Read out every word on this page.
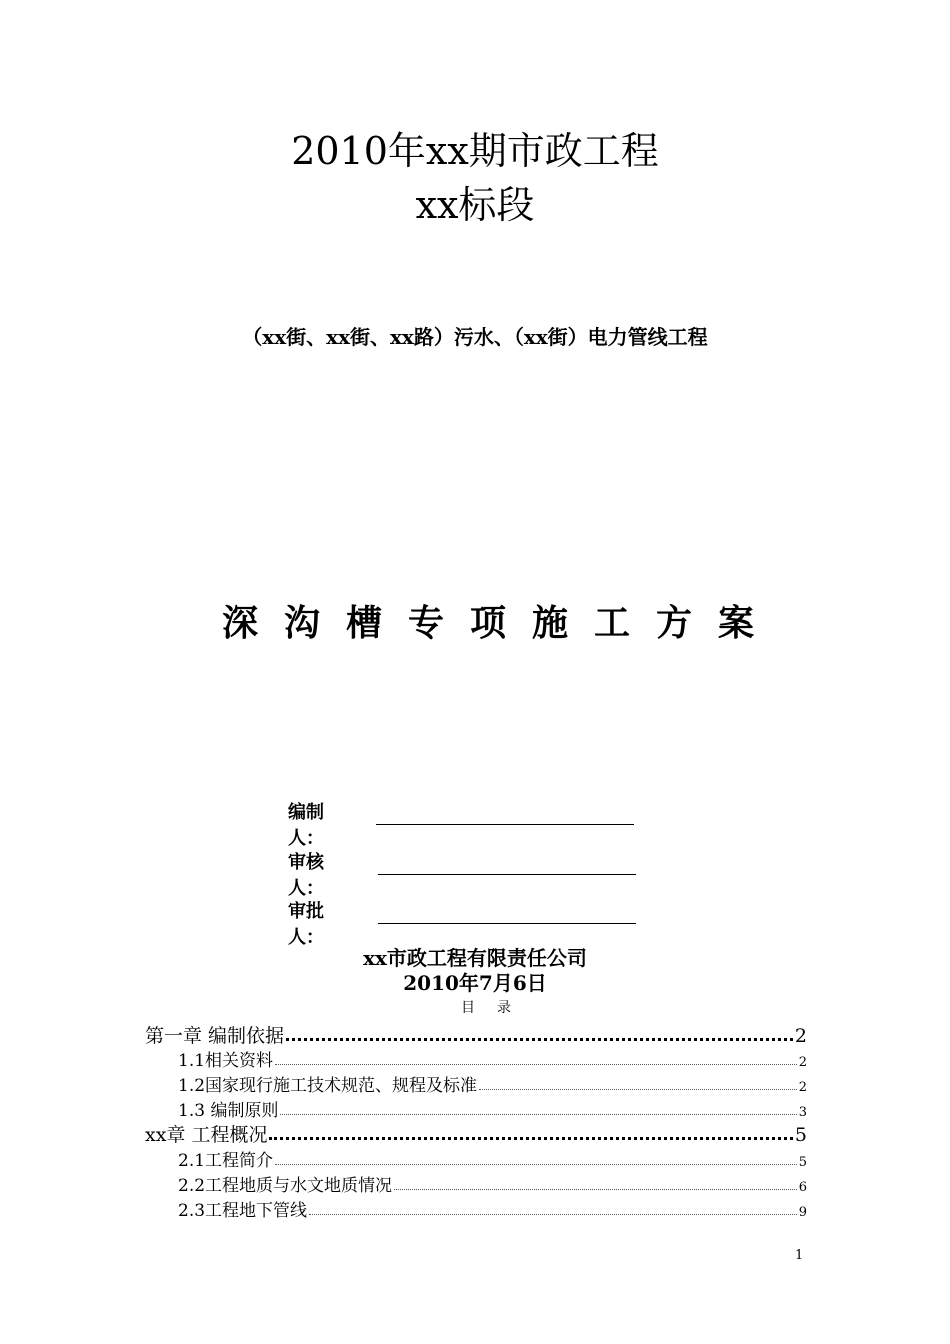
2010年xx期市政工程
xx标段
（xx街、xx街、xx路）污水、（xx街）电力管线工程
深沟槽专项施工方案
编制人：
审核人：
审批人：
xx市政工程有限责任公司
2010年7月6日
目录
第一章 编制依据	2
1.1相关资料	2
1.2国家现行施工技术规范、规程及标准	2
1.3 编制原则	3
xx章 工程概况	5
2.1工程简介	5
2.2工程地质与水文地质情况	6
2.3工程地下管线	9
1
